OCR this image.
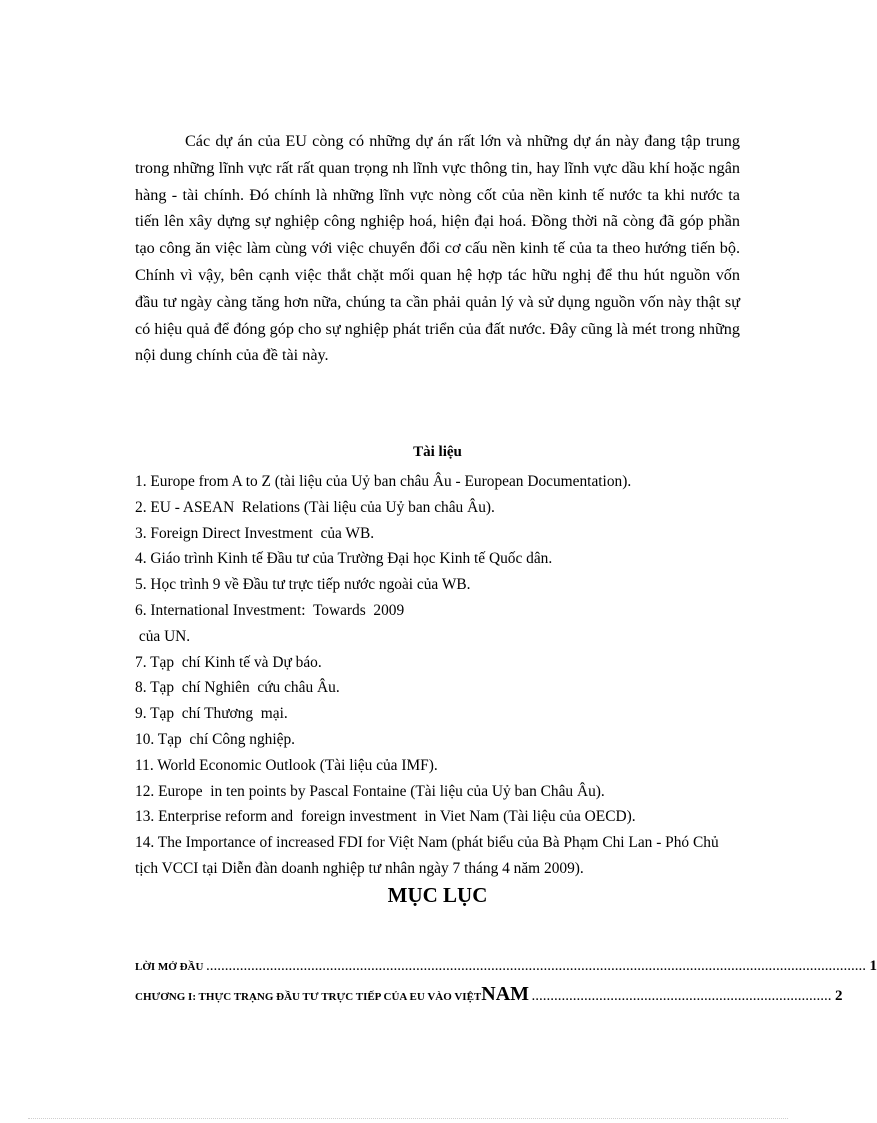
Các dự án của EU còng có những dự án rất lớn và những dự án này đang tập trung trong những lĩnh vực rất rất quan trọng nh lĩnh vực thông tin, hay lĩnh vực dầu khí hoặc ngân hàng - tài chính. Đó chính là những lĩnh vực nòng cốt của nền kinh tế nước ta khi nước ta tiến lên xây dựng sự nghiệp công nghiệp hoá, hiện đại hoá. Đồng thời nã còng đã góp phần tạo công ăn việc làm cùng với việc chuyển đổi cơ cấu nền kinh tế của ta theo hướng tiến bộ. Chính vì vậy, bên cạnh việc thắt chặt mối quan hệ hợp tác hữu nghị để thu hút nguồn vốn đầu tư ngày càng tăng hơn nữa, chúng ta cần phải quản lý và sử dụng nguồn vốn này thật sự có hiệu quả để đóng góp cho sự nghiệp phát triển của đất nước. Đây cũng là mét trong những nội dung chính của đề tài này.

Tài liệu
1. Europe from A to Z (tài liệu của Uỷ ban châu Âu - European Documentation).
2. EU - ASEAN  Relations (Tài liệu của Uỷ ban châu Âu).
3. Foreign Direct Investment  của WB.
4. Giáo trình Kinh tế Đầu tư của Trường Đại học Kinh tế Quốc dân.
5. Học trình 9 về Đầu tư trực tiếp nước ngoài của WB.
6. International Investment:  Towards  2009
của UN.
7. Tạp  chí Kinh tế và Dự báo.
8. Tạp  chí Nghiên  cứu châu Âu.
9. Tạp  chí Thương  mại.
10. Tạp  chí Công nghiệp.
11. World Economic Outlook (Tài liệu của IMF).
12. Europe  in ten points by Pascal Fontaine (Tài liệu của Uỷ ban Châu Âu).
13. Enterprise reform and  foreign investment  in Viet Nam (Tài liệu của OECD).
14. The Importance of increased FDI for Việt Nam (phát biểu của Bà Phạm Chi Lan - Phó Chủ tịch VCCI tại Diễn đàn doanh nghiệp tư nhân ngày 7 tháng 4 năm 2009).
MỤC LỤC
LỜI MỞ ĐẦU ................................................................................................................................................................................ 1
CHƯƠNG I: THỰC TRẠNG ĐẦU TƯ TRỰC TIẾP CỦA EU VÀO VIỆT NAM ................................................................................ 2
